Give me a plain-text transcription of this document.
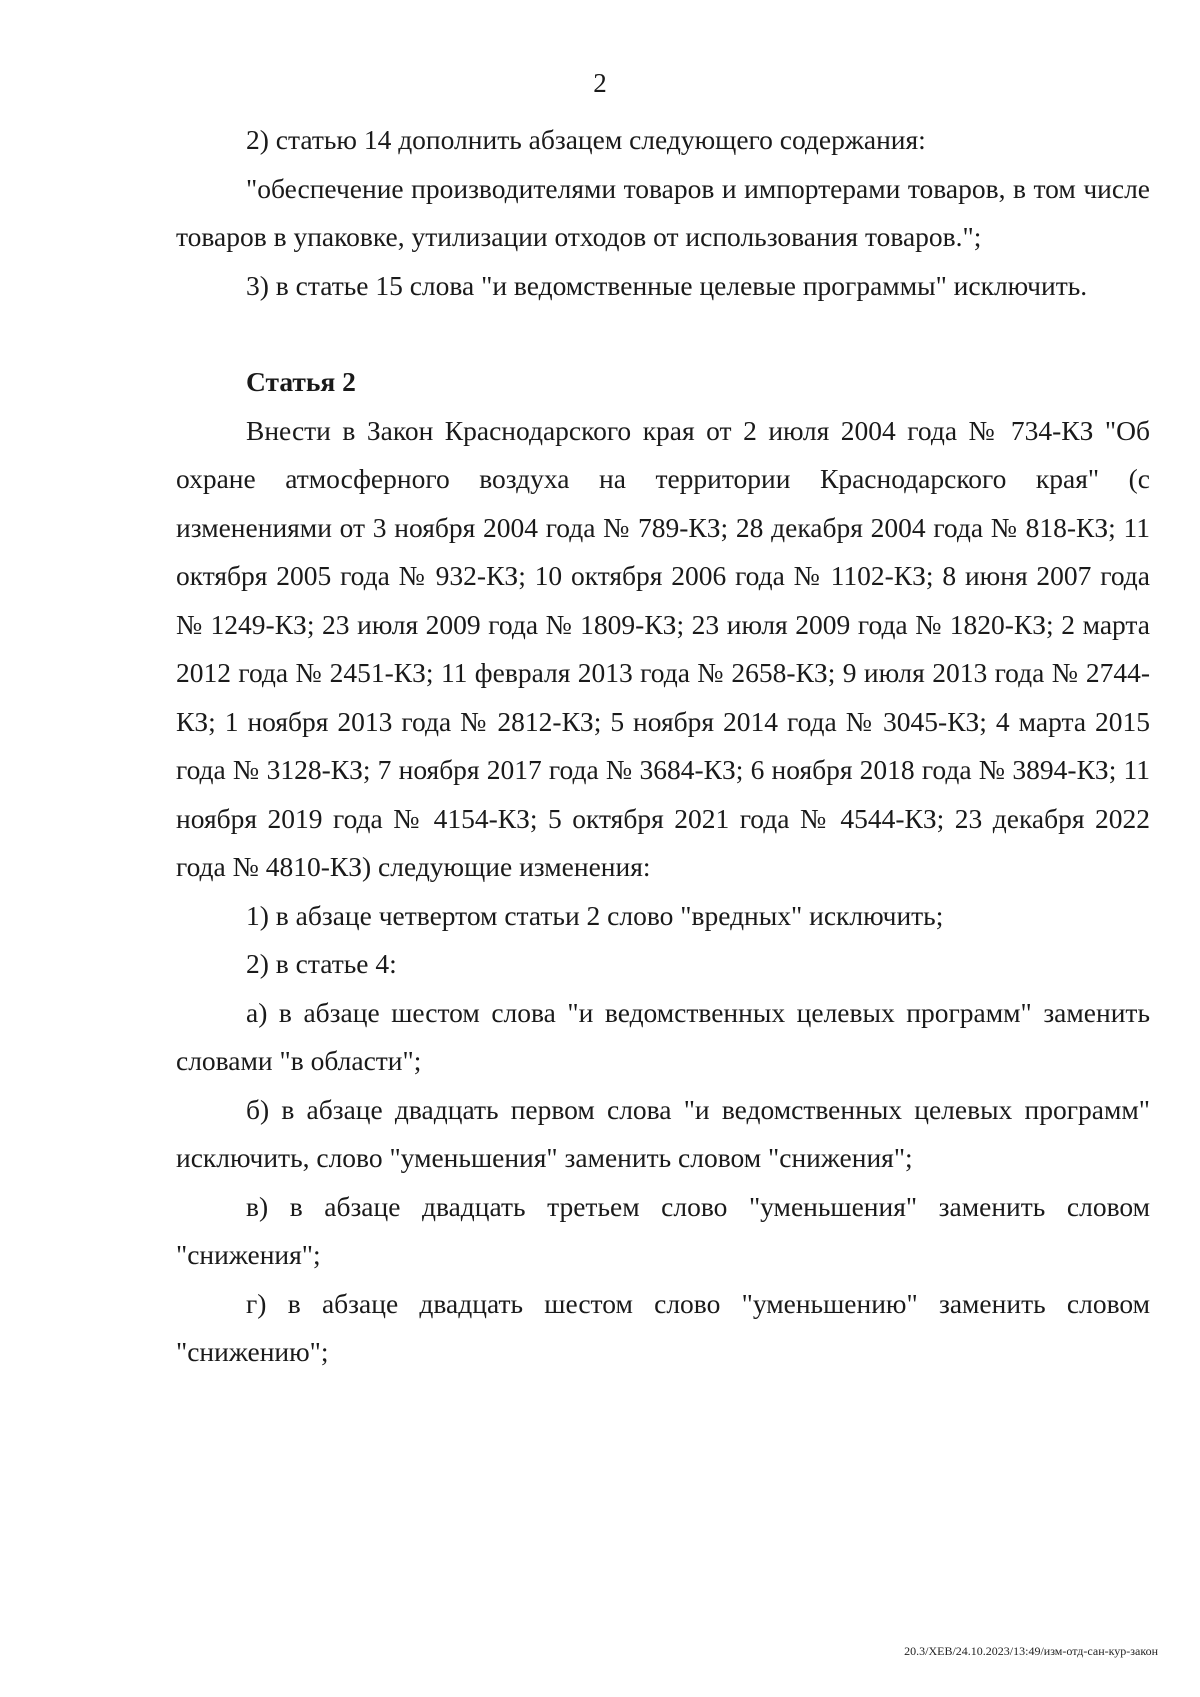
2

2) статью 14 дополнить абзацем следующего содержания:

"обеспечение производителями товаров и импортерами товаров, в том числе товаров в упаковке, утилизации отходов от использования товаров.";

3) в статье 15 слова "и ведомственные целевые программы" исключить.

Статья 2

Внести в Закон Краснодарского края от 2 июля 2004 года № 734-КЗ "Об охране атмосферного воздуха на территории Краснодарского края" (с изменениями от 3 ноября 2004 года № 789-КЗ; 28 декабря 2004 года № 818-КЗ; 11 октября 2005 года № 932-КЗ; 10 октября 2006 года № 1102-КЗ; 8 июня 2007 года № 1249-КЗ; 23 июля 2009 года № 1809-КЗ; 23 июля 2009 года № 1820-КЗ; 2 марта 2012 года № 2451-КЗ; 11 февраля 2013 года № 2658-КЗ; 9 июля 2013 года № 2744-КЗ; 1 ноября 2013 года № 2812-КЗ; 5 ноября 2014 года № 3045-КЗ; 4 марта 2015 года № 3128-КЗ; 7 ноября 2017 года № 3684-КЗ; 6 ноября 2018 года № 3894-КЗ; 11 ноября 2019 года № 4154-КЗ; 5 октября 2021 года № 4544-КЗ; 23 декабря 2022 года № 4810-КЗ) следующие изменения:

1) в абзаце четвертом статьи 2 слово "вредных" исключить;

2) в статье 4:

а) в абзаце шестом слова "и ведомственных целевых программ" заменить словами "в области";

б) в абзаце двадцать первом слова "и ведомственных целевых программ" исключить, слово "уменьшения" заменить словом "снижения";

в) в абзаце двадцать третьем слово "уменьшения" заменить словом "снижения";

г) в абзаце двадцать шестом слово "уменьшению" заменить словом "снижению";

20.3/ХЕВ/24.10.2023/13:49/изм-отд-сан-кур-закон
